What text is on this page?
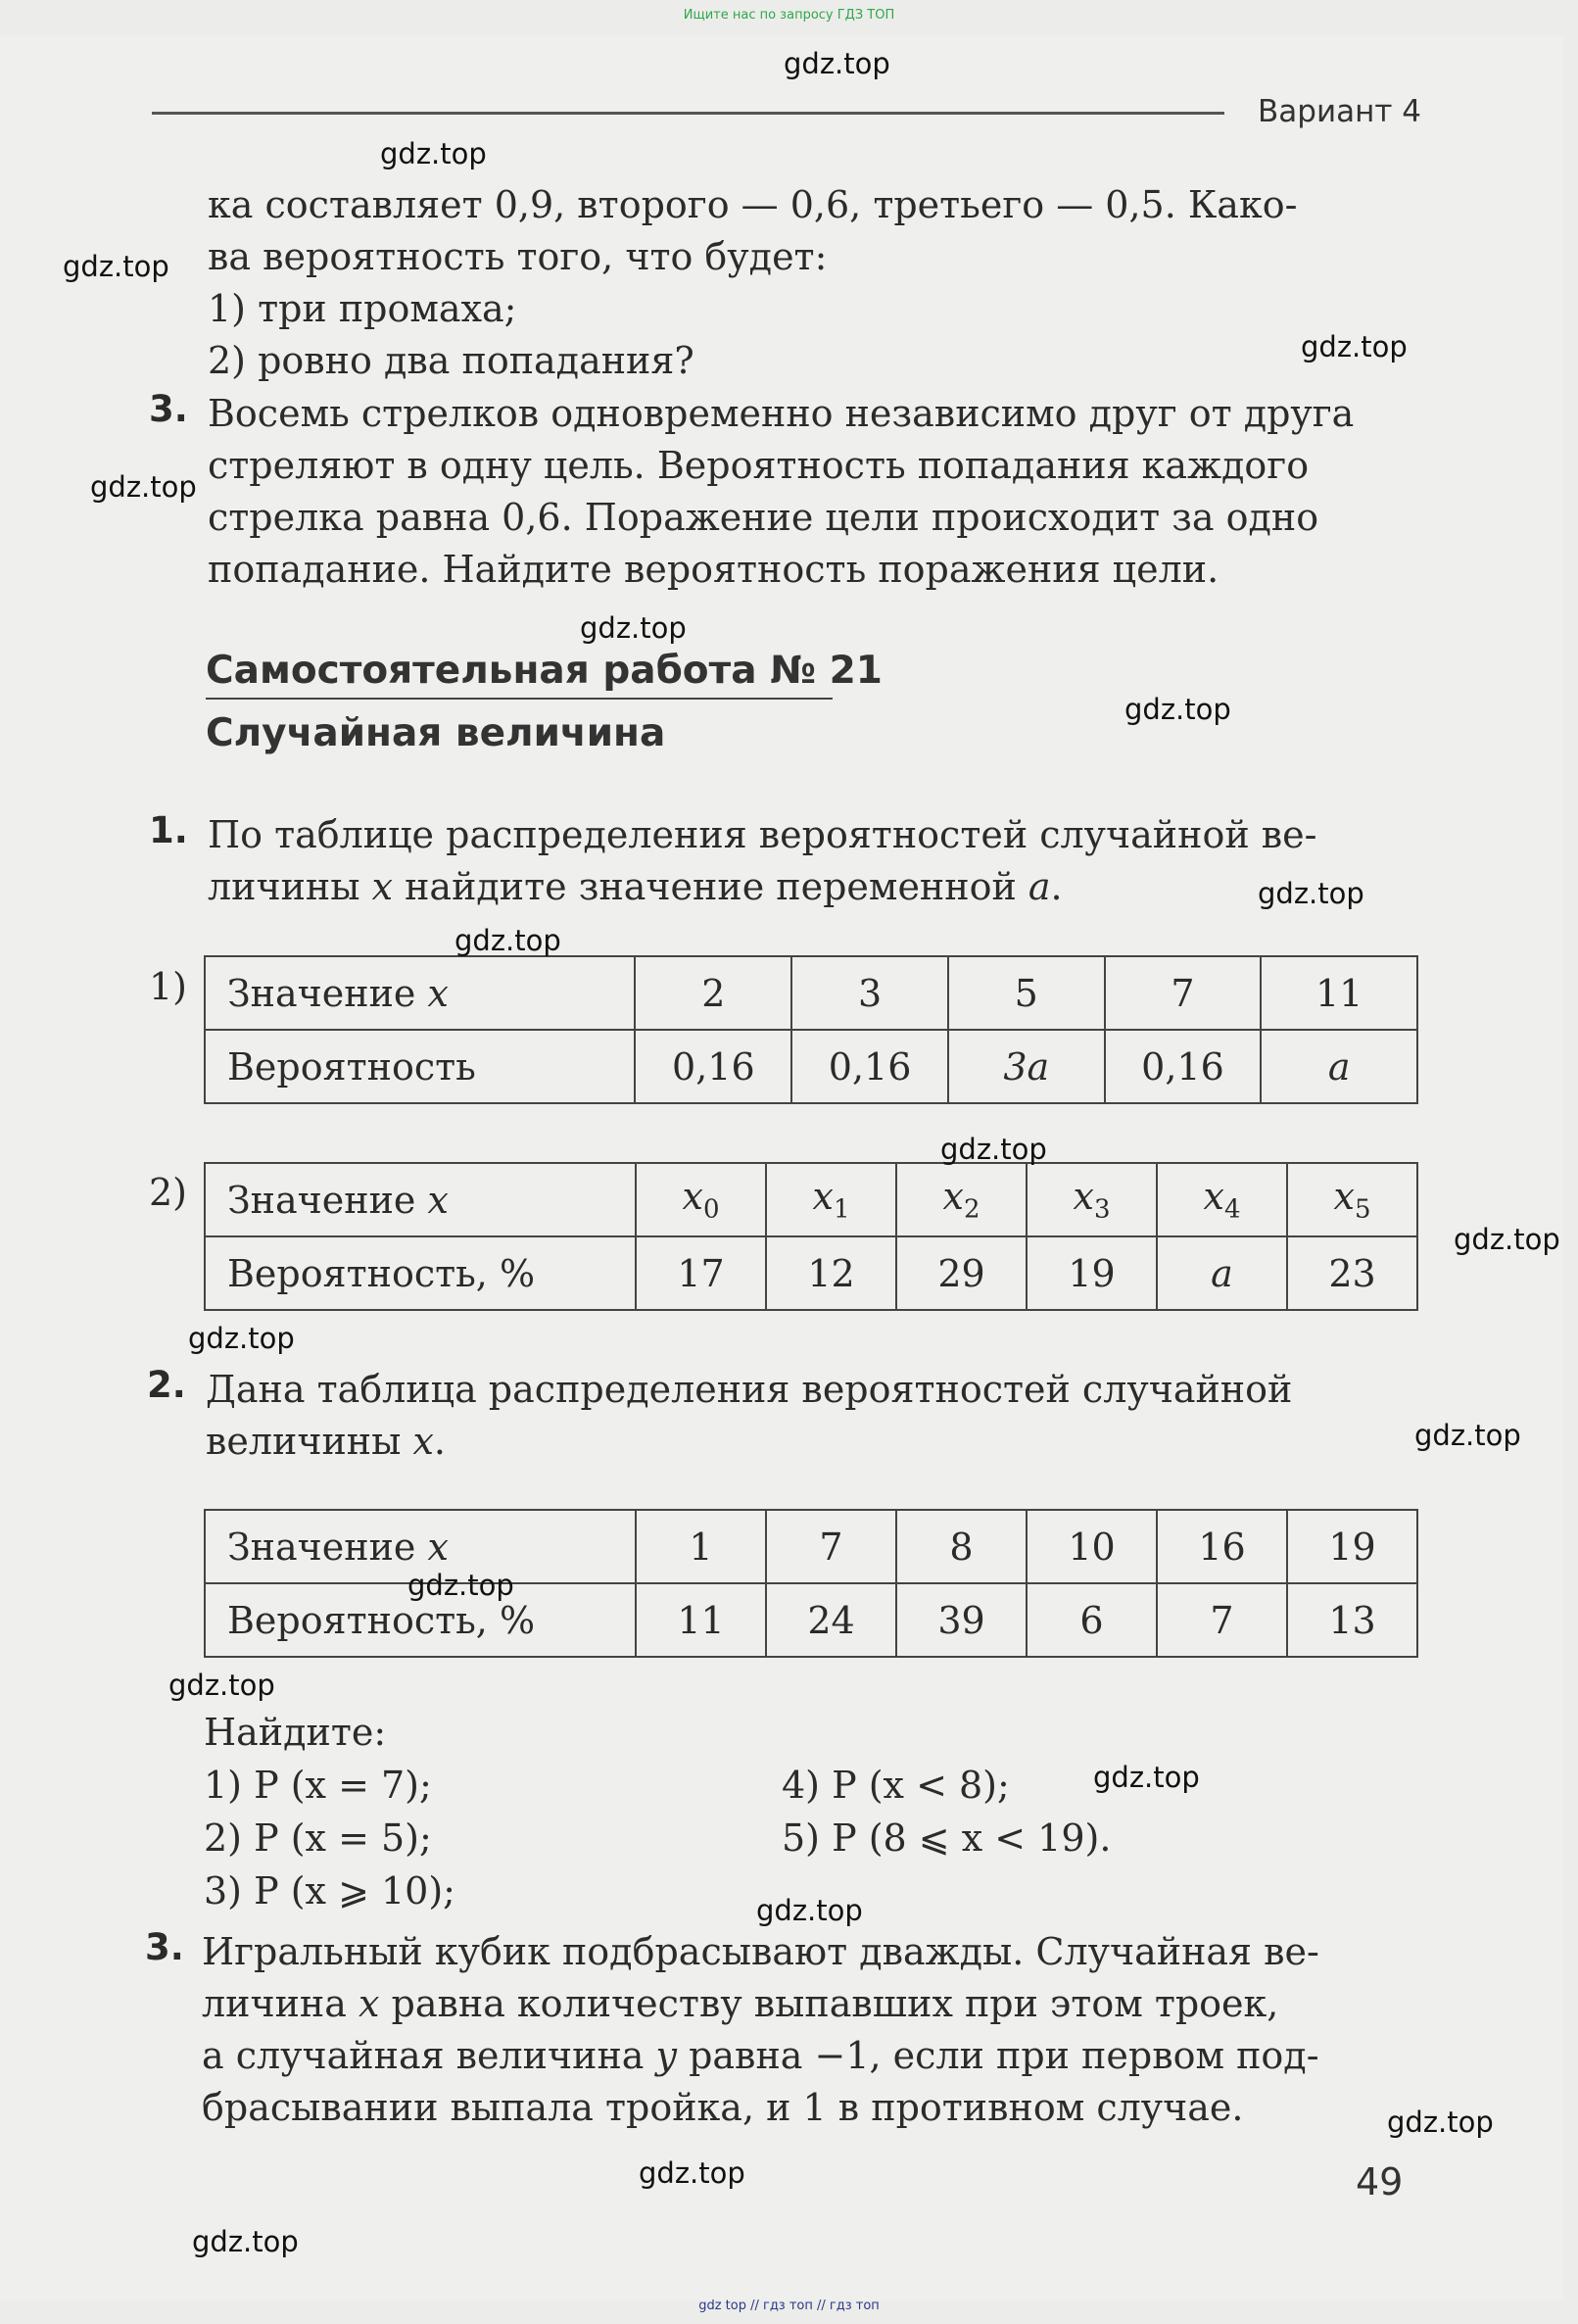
Ищите нас по запросу ГДЗ ТОП
Вариант 4
ка составляет 0,9, второго — 0,6, третьего — 0,5. Како-
ва вероятность того, что будет:
1) три промаха;
2) ровно два попадания?
3. Восемь стрелков одновременно независимо друг от друга
стреляют в одну цель. Вероятность попадания каждого
стрелка равна 0,6. Поражение цели происходит за одно
попадание. Найдите вероятность поражения цели.
Самостоятельная работа № 21
Случайная величина
1. По таблице распределения вероятностей случайной ве-
личины x найдите значение переменной a.
1) Значение x	2	3	5	7	11
Вероятность	0,16	0,16	3a	0,16	a
2) Значение x	$x_0$	$x_1$	$x_2$	$x_3$	$x_4$	$x_5$
Вероятность, %	17	12	29	19	a	23
2. Дана таблица распределения вероятностей случайной
величины x.
Значение x	1	7	8	10	16	19
Вероятность, %	11	24	39	6	7	13
Найдите:
1) P (x = 7);
2) P (x = 5);
3) P (x ⩾ 10);
4) P (x < 8);
5) P (8 ⩽ x < 19).
3. Игральный кубик подбрасывают дважды. Случайная ве-
личина x равна количеству выпавших при этом троек,
а случайная величина y равна −1, если при первом под-
брасывании выпала тройка, и 1 в противном случае.
49
gdz.top
gdz.top
gdz.top
gdz.top
gdz.top
gdz.top
gdz.top
gdz.top
gdz.top
gdz.top
gdz.top
gdz.top
gdz.top
gdz.top
gdz.top
gdz.top
gdz.top
gdz.top
gdz.top
gdz.top
gdz top // гдз топ // гдз топ
